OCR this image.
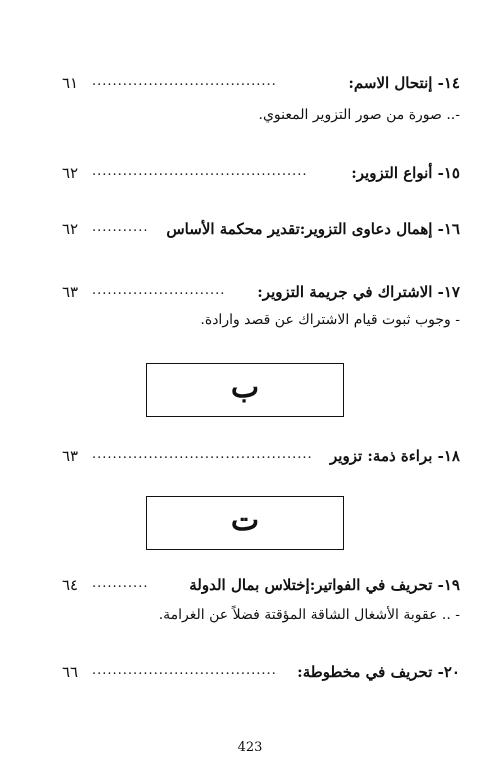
١٤- إنتحال الاسم:
....................................
٦١
-.. صورة من صور التزوير المعنوي.
١٥- أنواع التزوير:
..........................................
٦٢
١٦- إهمال دعاوى التزوير:تقدير محكمة الأساس
...........
٦٢
١٧- الاشتراك في جريمة التزوير:
..........................
٦٣
- وجوب ثبوت قيام الاشتراك عن قصد وارادة.
ب
١٨- براءة ذمة: تزوير
...........................................
٦٣
ت
١٩- تحريف في الفواتير:إختلاس بمال الدولة
...........
٦٤
- .. عقوبة الأشغال الشاقة المؤقتة فضلاً عن الغرامة.
٢٠- تحريف في مخطوطة:
....................................
٦٦
423
